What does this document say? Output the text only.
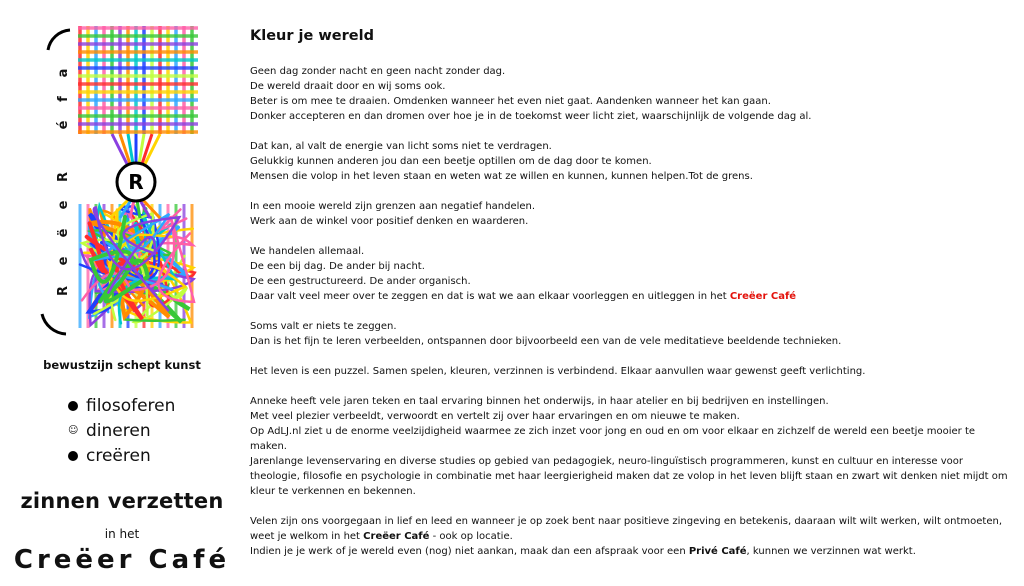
R
a
f
é
R
e
ë
e
R
bewustzijn schept kunst
filosoferen
☺ dineren
creëren
zinnen verzetten
in het
Creëer Café
Kleur je wereld
Geen dag zonder nacht en geen nacht zonder dag.
De wereld draait door en wij soms ook.
Beter is om mee te draaien. Omdenken wanneer het even niet gaat. Aandenken wanneer het kan gaan.
Donker accepteren en dan dromen over hoe je in de toekomst weer licht ziet, waarschijnlijk de volgende dag al.
Dat kan, al valt de energie van licht soms niet te verdragen.
Gelukkig kunnen anderen jou dan een beetje optillen om de dag door te komen.
Mensen die volop in het leven staan en weten wat ze willen en kunnen, kunnen helpen.Tot de grens.
In een mooie wereld zijn grenzen aan negatief handelen.
Werk aan de winkel voor positief denken en waarderen.
We handelen allemaal.
De een bij dag. De ander bij nacht.
De een gestructureerd. De ander organisch.
Daar valt veel meer over te zeggen en dat is wat we aan elkaar voorleggen en uitleggen in het Creëer Café
Soms valt er niets te zeggen.
Dan is het fijn te leren verbeelden, ontspannen door bijvoorbeeld een van de vele meditatieve beeldende technieken.
Het leven is een puzzel. Samen spelen, kleuren, verzinnen is verbindend. Elkaar aanvullen waar gewenst geeft verlichting.
Anneke heeft vele jaren teken en taal ervaring binnen het onderwijs, in haar atelier en bij bedrijven en instellingen.
Met veel plezier verbeeldt, verwoordt en vertelt zij over haar ervaringen en om nieuwe te maken.
Op AdLJ.nl ziet u de enorme veelzijdigheid waarmee ze zich inzet voor jong en oud en om voor elkaar en zichzelf de wereld een beetje mooier te maken.
Jarenlange levenservaring en diverse studies op gebied van pedagogiek, neuro-linguïstisch programmeren, kunst en cultuur en interesse voor theologie, filosofie en psychologie in combinatie met haar leergierigheid maken dat ze volop in het leven blijft staan en zwart wit denken niet mijdt om kleur te verkennen en bekennen.
Velen zijn ons voorgegaan in lief en leed en wanneer je op zoek bent naar positieve zingeving en betekenis, daaraan wilt wilt werken, wilt ontmoeten, weet je welkom in het Creëer Café - ook op locatie.
Indien je je werk of je wereld even (nog) niet aankan, maak dan een afspraak voor een Privé Café, kunnen we verzinnen wat werkt.
